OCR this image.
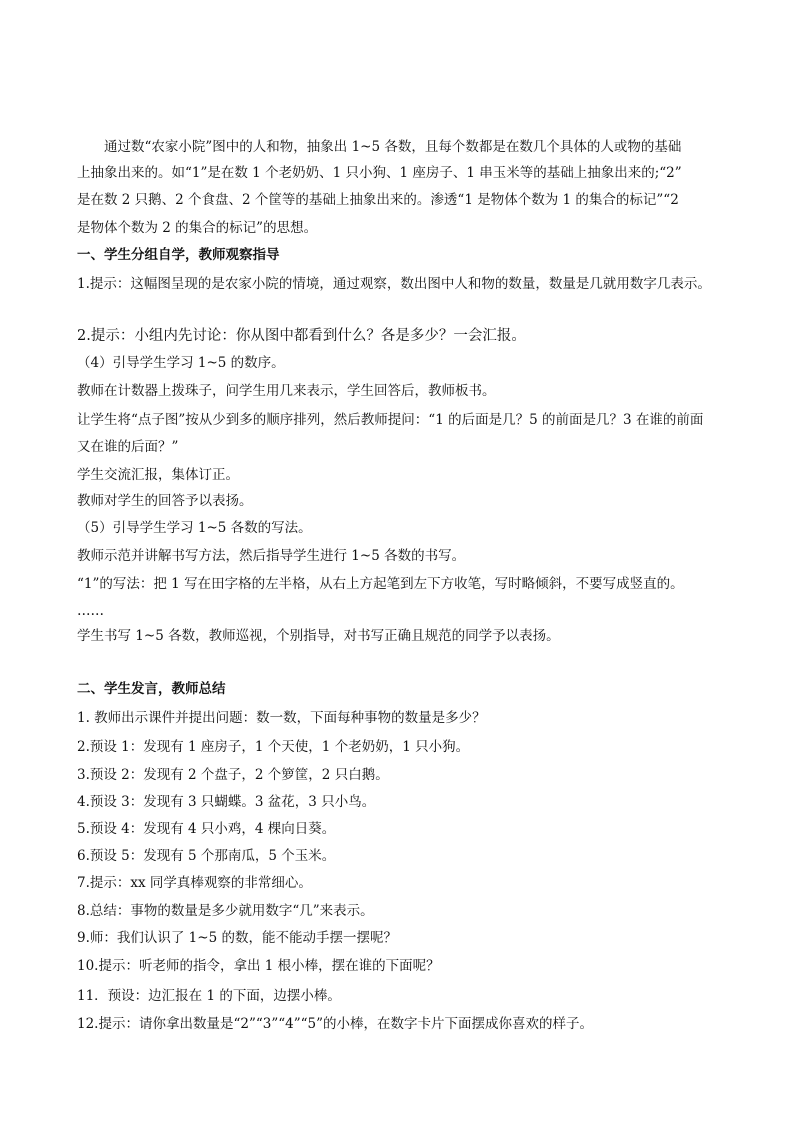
通过数“农家小院”图中的人和物，抽象出 1~5 各数，且每个数都是在数几个具体的人或物的基础
上抽象出来的。如“1”是在数 1 个老奶奶、1 只小狗、1 座房子、1 串玉米等的基础上抽象出来的;“2”
是在数 2 只鹅、2 个食盘、2 个筐等的基础上抽象出来的。渗透“1 是物体个数为 1 的集合的标记”“2
是物体个数为 2 的集合的标记”的思想。
一、学生分组自学，教师观察指导
1.提示：这幅图呈现的是农家小院的情境，通过观察，数出图中人和物的数量，数量是几就用数字几表示。
2.提示：小组内先讨论：你从图中都看到什么？各是多少？一会汇报。
（4）引导学生学习 1~5 的数序。
教师在计数器上拨珠子，问学生用几来表示，学生回答后，教师板书。
让学生将“点子图”按从少到多的顺序排列，然后教师提问：“1 的后面是几？5 的前面是几？3 在谁的前面
又在谁的后面？”
学生交流汇报，集体订正。
教师对学生的回答予以表扬。
（5）引导学生学习 1~5 各数的写法。
教师示范并讲解书写方法，然后指导学生进行 1~5 各数的书写。
“1”的写法：把 1 写在田字格的左半格，从右上方起笔到左下方收笔，写时略倾斜，不要写成竖直的。
……
学生书写 1~5 各数，教师巡视，个别指导，对书写正确且规范的同学予以表扬。
二、学生发言，教师总结
1. 教师出示课件并提出问题：数一数，下面每种事物的数量是多少？
2.预设 1：发现有 1 座房子，1 个天使，1 个老奶奶，1 只小狗。
3.预设 2：发现有 2 个盘子，2 个箩筐，2 只白鹅。
4.预设 3：发现有 3 只蝴蝶。3 盆花，3 只小鸟。
5.预设 4：发现有 4 只小鸡，4 棵向日葵。
6.预设 5：发现有 5 个那南瓜，5 个玉米。
7.提示：xx 同学真棒观察的非常细心。
8.总结：事物的数量是多少就用数字“几”来表示。
9.师：我们认识了 1~5 的数，能不能动手摆一摆呢？
10.提示：听老师的指令，拿出 1 根小棒，摆在谁的下面呢？
11．预设：边汇报在 1 的下面，边摆小棒。
12.提示：请你拿出数量是“2”“3”“4”“5”的小棒，在数字卡片下面摆成你喜欢的样子。
